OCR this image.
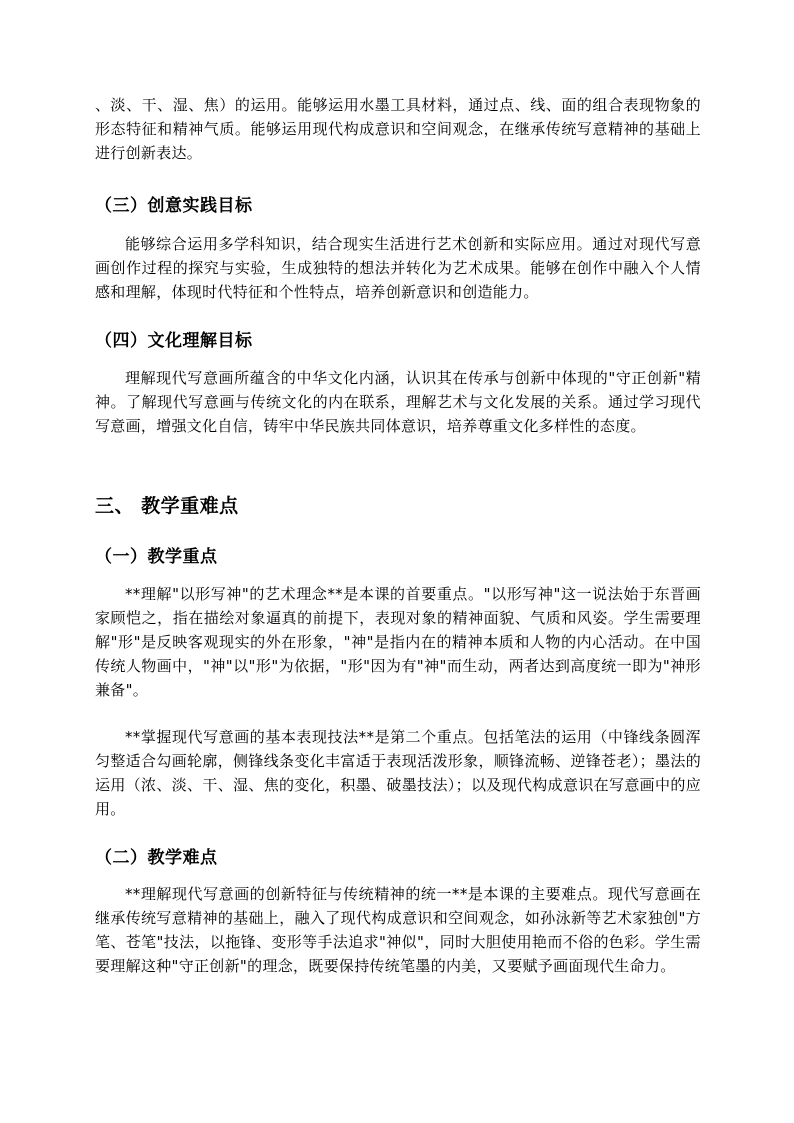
、淡、干、湿、焦）的运用。能够运用水墨工具材料，通过点、线、面的组合表现物象的形态特征和精神气质。能够运用现代构成意识和空间观念，在继承传统写意精神的基础上进行创新表达。

（三）创意实践目标

能够综合运用多学科知识，结合现实生活进行艺术创新和实际应用。通过对现代写意画创作过程的探究与实验，生成独特的想法并转化为艺术成果。能够在创作中融入个人情感和理解，体现时代特征和个性特点，培养创新意识和创造能力。

（四）文化理解目标

理解现代写意画所蕴含的中华文化内涵，认识其在传承与创新中体现的"守正创新"精神。了解现代写意画与传统文化的内在联系，理解艺术与文化发展的关系。通过学习现代写意画，增强文化自信，铸牢中华民族共同体意识，培养尊重文化多样性的态度。

三、 教学重难点
（一）教学重点

**理解"以形写神"的艺术理念**是本课的首要重点。"以形写神"这一说法始于东晋画家顾恺之，指在描绘对象逼真的前提下，表现对象的精神面貌、气质和风姿。学生需要理解"形"是反映客观现实的外在形象，"神"是指内在的精神本质和人物的内心活动。在中国传统人物画中，"神"以"形"为依据，"形"因为有"神"而生动，两者达到高度统一即为"神形兼备"。

**掌握现代写意画的基本表现技法**是第二个重点。包括笔法的运用（中锋线条圆浑匀整适合勾画轮廓，侧锋线条变化丰富适于表现活泼形象，顺锋流畅、逆锋苍老）；墨法的运用（浓、淡、干、湿、焦的变化，积墨、破墨技法）；以及现代构成意识在写意画中的应用。

（二）教学难点

**理解现代写意画的创新特征与传统精神的统一**是本课的主要难点。现代写意画在继承传统写意精神的基础上，融入了现代构成意识和空间观念，如孙泳新等艺术家独创"方笔、苍笔"技法，以拖锋、变形等手法追求"神似"，同时大胆使用艳而不俗的色彩。学生需要理解这种"守正创新"的理念，既要保持传统笔墨的内美，又要赋予画面现代生命力。
